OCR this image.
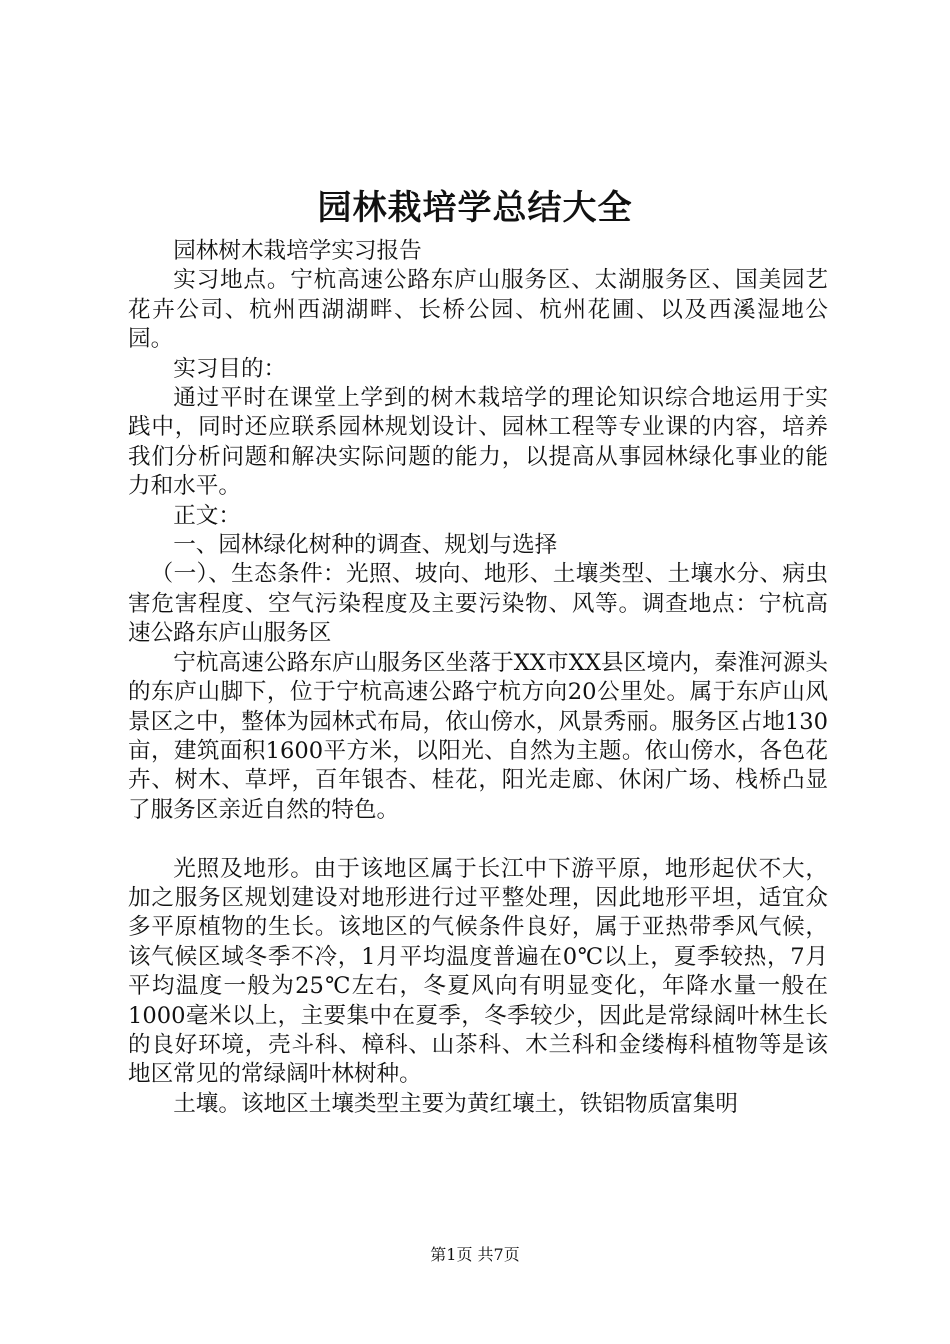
园林栽培学总结大全

园林树木栽培学实习报告

实习地点。宁杭高速公路东庐山服务区、太湖服务区、国美园艺花卉公司、杭州西湖湖畔、长桥公园、杭州花圃、以及西溪湿地公园。

实习目的：

通过平时在课堂上学到的树木栽培学的理论知识综合地运用于实践中，同时还应联系园林规划设计、园林工程等专业课的内容，培养我们分析问题和解决实际问题的能力，以提高从事园林绿化事业的能力和水平。

正文：

一、园林绿化树种的调查、规划与选择

（一）、生态条件：光照、坡向、地形、土壤类型、土壤水分、病虫害危害程度、空气污染程度及主要污染物、风等。调查地点：宁杭高速公路东庐山服务区

宁杭高速公路东庐山服务区坐落于XX市XX县区境内，秦淮河源头的东庐山脚下，位于宁杭高速公路宁杭方向20公里处。属于东庐山风景区之中，整体为园林式布局，依山傍水，风景秀丽。服务区占地130亩，建筑面积1600平方米，以阳光、自然为主题。依山傍水，各色花卉、树木、草坪，百年银杏、桂花，阳光走廊、休闲广场、栈桥凸显了服务区亲近自然的特色。

光照及地形。由于该地区属于长江中下游平原，地形起伏不大，加之服务区规划建设对地形进行过平整处理，因此地形平坦，适宜众多平原植物的生长。该地区的气候条件良好，属于亚热带季风气候，该气候区域冬季不冷，1月平均温度普遍在0℃以上，夏季较热，7月平均温度一般为25℃左右，冬夏风向有明显变化，年降水量一般在1000毫米以上，主要集中在夏季，冬季较少，因此是常绿阔叶林生长的良好环境，壳斗科、樟科、山茶科、木兰科和金缕梅科植物等是该地区常见的常绿阔叶林树种。

土壤。该地区土壤类型主要为黄红壤土，铁铝物质富集明

第1页 共7页
